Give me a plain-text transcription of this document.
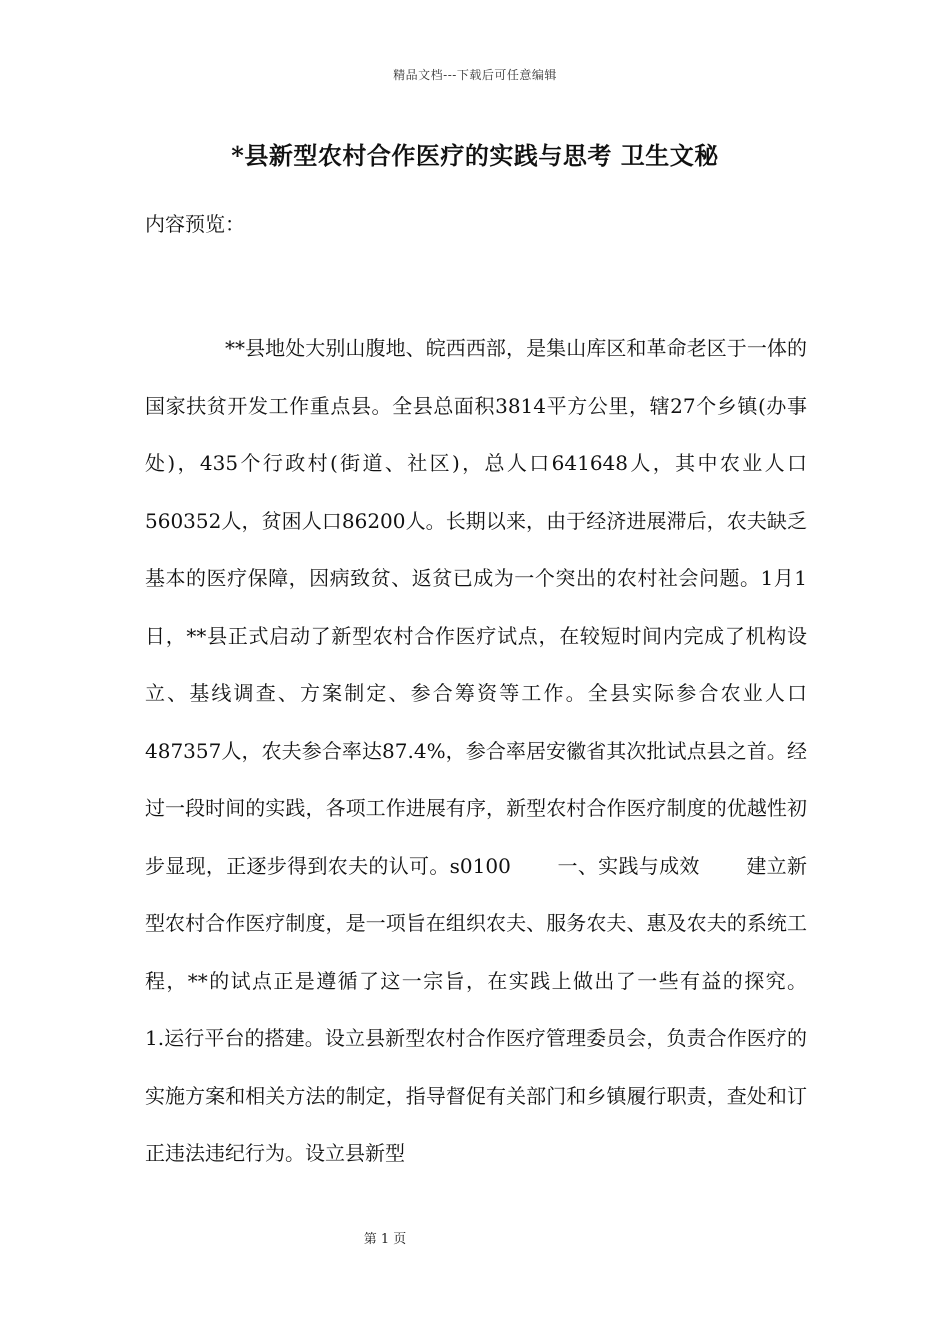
精品文档---下载后可任意编辑
*县新型农村合作医疗的实践与思考 卫生文秘
内容预览：

**县地处大别山腹地、皖西西部，是集山库区和革命老区于一体的国家扶贫开发工作重点县。全县总面积3814平方公里，辖27个乡镇(办事处)，435个行政村(街道、社区)，总人口641648人，其中农业人口560352人，贫困人口86200人。长期以来，由于经济进展滞后，农夫缺乏基本的医疗保障，因病致贫、返贫已成为一个突出的农村社会问题。1月1日，**县正式启动了新型农村合作医疗试点，在较短时间内完成了机构设立、基线调查、方案制定、参合筹资等工作。全县实际参合农业人口487357人，农夫参合率达87.4%，参合率居安徽省其次批试点县之首。经过一段时间的实践，各项工作进展有序，新型农村合作医疗制度的优越性初步显现，正逐步得到农夫的认可。s0100       一、实践与成效       建立新型农村合作医疗制度，是一项旨在组织农夫、服务农夫、惠及农夫的系统工程，**的试点正是遵循了这一宗旨，在实践上做出了一些有益的探究。       1.运行平台的搭建。设立县新型农村合作医疗管理委员会，负责合作医疗的实施方案和相关方法的制定，指导督促有关部门和乡镇履行职责，查处和订正违法违纪行为。设立县新型

第 1 页
